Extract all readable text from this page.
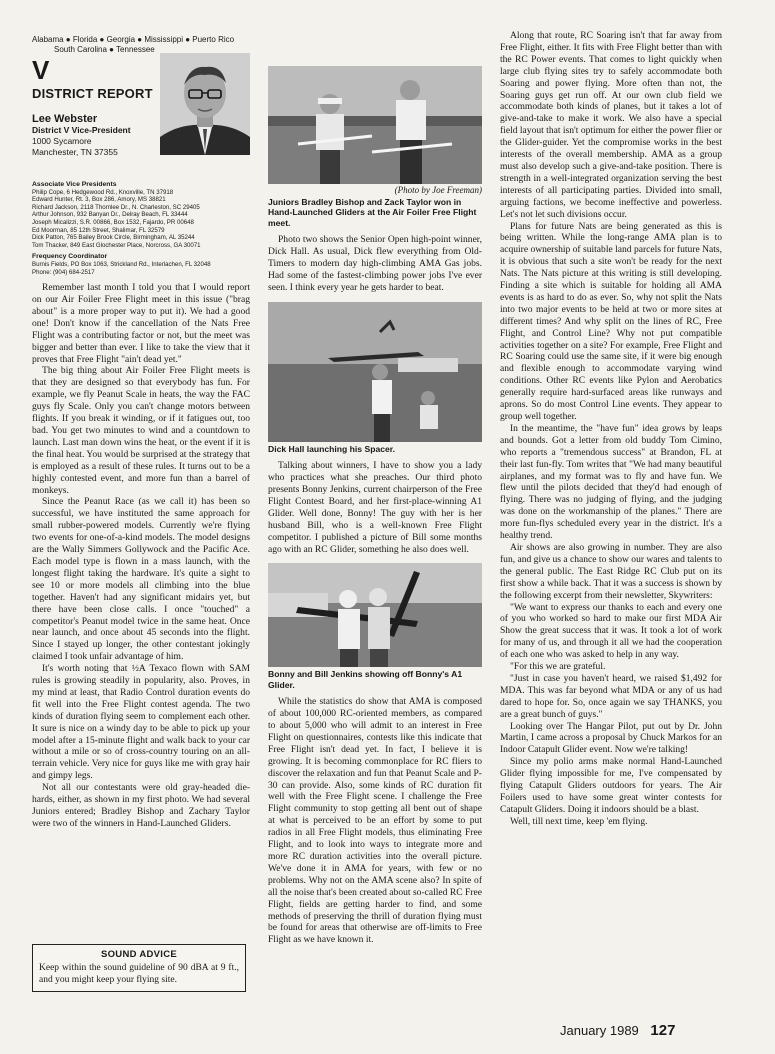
Alabama ● Florida ● Georgia ● Mississippi ● Puerto Rico
South Carolina ● Tennessee
V
DISTRICT REPORT
Lee Webster
District V Vice-President
1000 Sycamore
Manchester, TN 37355
Associate Vice Presidents
Philip Cope, 6 Hedgewood Rd., Knoxville, TN 37918
Edward Hunter, Rt. 3, Box 286, Amory, MS 38821
Richard Jackson, 2118 Thornlee Dr., N. Charleston, SC 29405
Arthur Johnson, 932 Banyan Dr., Delray Beach, FL 33444
Joseph Micalizzi, S.R. 00866, Box 1532, Fajardo, PR 00648
Ed Moorman, 85 12th Street, Shalimar, FL 32579
Dick Patton, 765 Bailey Brook Circle, Birmingham, AL 35244
Tom Thacker, 849 East Glochester Place, Norcross, GA 30071
Frequency Coordinator
Burnis Fields, PO Box 1063, Strickland Rd., Interlachen, FL 32048
Phone: (904) 684-2517

Remember last month I told you that I would report on our Air Foiler Free Flight meet in this issue ("brag about" is a more proper way to put it). We had a good one! Don't know if the cancellation of the Nats Free Flight was a contributing factor or not, but the meet was bigger and better than ever. I like to take the view that it proves that Free Flight "ain't dead yet."

The big thing about Air Foiler Free Flight meets is that they are designed so that everybody has fun. For example, we fly Peanut Scale in heats, the way the FAC guys fly Scale. Only you can't change motors between flights. If you break it winding, or if it fatigues out, too bad. You get two minutes to wind and a countdown to launch. Last man down wins the heat, or the event if it is the final heat. You would be surprised at the strategy that is employed as a result of these rules. It turns out to be a highly contested event, and more fun than a barrel of monkeys.

Since the Peanut Race (as we call it) has been so successful, we have instituted the same approach for small rubber-powered models. Currently we're flying two events for one-of-a-kind models. The model designs are the Wally Simmers Gollywock and the Pacific Ace. Each model type is flown in a mass launch, with the longest flight taking the hardware. It's quite a sight to see 10 or more models all climbing into the blue together. Haven't had any significant midairs yet, but there have been close calls. I once "touched" a competitor's Peanut model twice in the same heat. Once near launch, and once about 45 seconds into the flight. Since I stayed up longer, the other contestant jokingly claimed I took unfair advantage of him.

It's worth noting that ½A Texaco flown with SAM rules is growing steadily in popularity, also. Proves, in my mind at least, that Radio Control duration events do fit well into the Free Flight contest agenda. The two kinds of duration flying seem to complement each other. It sure is nice on a windy day to be able to pick up your model after a 15-minute flight and walk back to your car without a mile or so of cross-country touring on an all-terrain vehicle. Very nice for guys like me with gray hair and gimpy legs.

Not all our contestants were old gray-headed die-hards, either, as shown in my first photo. We had several Juniors entered; Bradley Bishop and Zachary Taylor were two of the winners in Hand-Launched Gliders.

SOUND ADVICE
Keep within the sound guideline of 90 dBA at 9 ft., and you might keep your flying site.
(Photo by Joe Freeman)
Juniors Bradley Bishop and Zack Taylor won in Hand-Launched Gliders at the Air Foiler Free Flight meet.

Photo two shows the Senior Open high-point winner, Dick Hall. As usual, Dick flew everything from Old-Timers to modern day high-climbing AMA Gas jobs. Had some of the fastest-climbing power jobs I've ever seen. I think every year he gets harder to beat.

Dick Hall launching his Spacer.

Talking about winners, I have to show you a lady who practices what she preaches. Our third photo presents Bonny Jenkins, current chairperson of the Free Flight Contest Board, and her first-place-winning A1 Glider. Well done, Bonny! The guy with her is her husband Bill, who is a well-known Free Flight competitor. I published a picture of Bill some months ago with an RC Glider, something he also does well.

Bonny and Bill Jenkins showing off Bonny's A1 Glider.

While the statistics do show that AMA is composed of about 100,000 RC-oriented members, as compared to about 5,000 who will admit to an interest in Free Flight on questionnaires, contests like this indicate that Free Flight isn't dead yet. In fact, I believe it is growing. It is becoming commonplace for RC fliers to discover the relaxation and fun that Peanut Scale and P-30 can provide. Also, some kinds of RC duration fit well with the Free Flight scene. I challenge the Free Flight community to stop getting all bent out of shape at what is perceived to be an effort by some to put radios in all Free Flight models, thus eliminating Free Flight, and to look into ways to integrate more and more RC duration activities into the overall picture. We've done it in AMA for years, with few or no problems. Why not on the AMA scene also? In spite of all the noise that's been created about so-called RC Free Flight, fields are getting harder to find, and some methods of preserving the thrill of duration flying must be found for areas that otherwise are off-limits to Free Flight as we have known it.

Along that route, RC Soaring isn't that far away from Free Flight, either. It fits with Free Flight better than with the RC Power events. That comes to light quickly when large club flying sites try to safely accommodate both Soaring and power flying. More often than not, the Soaring guys get run off. At our own club field we accommodate both kinds of planes, but it takes a lot of give-and-take to make it work. We also have a special field layout that isn't optimum for either the power flier or the Glider-guider. Yet the compromise works in the best interests of the overall membership. AMA as a group must also develop such a give-and-take position. There is strength in a well-integrated organization serving the best interests of all participating parties. Divided into small, arguing factions, we become ineffective and powerless. Let's not let such divisions occur.

Plans for future Nats are being generated as this is being written. While the long-range AMA plan is to acquire ownership of suitable land parcels for future Nats, it is obvious that such a site won't be ready for the next Nats. The Nats picture at this writing is still developing. Finding a site which is suitable for holding all AMA events is as hard to do as ever. So, why not split the Nats into two major events to be held at two or more sites at different times? And why split on the lines of RC, Free Flight, and Control Line? Why not put compatible activities together on a site? For example, Free Flight and RC Soaring could use the same site, if it were big enough and flexible enough to accommodate varying wind conditions. Other RC events like Pylon and Aerobatics generally require hard-surfaced areas like runways and aprons. So do most Control Line events. They appear to group well together.

In the meantime, the "have fun" idea grows by leaps and bounds. Got a letter from old buddy Tom Cimino, who reports a "tremendous success" at Brandon, FL at their last fun-fly. Tom writes that "We had many beautiful airplanes, and my format was to fly and have fun. We flew until the pilots decided that they'd had enough of flying. There was no judging of flying, and the judging was done on the workmanship of the planes." There are more fun-flys scheduled every year in the district. It's a healthy trend.

Air shows are also growing in number. They are also fun, and give us a chance to show our wares and talents to the general public. The East Ridge RC Club put on its first show a while back. That it was a success is shown by the following excerpt from their newsletter, Skywriters:

"We want to express our thanks to each and every one of you who worked so hard to make our first MDA Air Show the great success that it was. It took a lot of work for many of us, and through it all we had the cooperation of each one who was asked to help in any way.

"For this we are grateful.

"Just in case you haven't heard, we raised $1,492 for MDA. This was far beyond what MDA or any of us had dared to hope for. So, once again we say THANKS, you are a great bunch of guys."

Looking over The Hangar Pilot, put out by Dr. John Martin, I came across a proposal by Chuck Markos for an Indoor Catapult Glider event. Now we're talking!

Since my polio arms make normal Hand-Launched Glider flying impossible for me, I've compensated by flying Catapult Gliders outdoors for years. The Air Foilers used to have some great winter contests for Catapult Gliders. Doing it indoors should be a blast.

Well, till next time, keep 'em flying.

January 1989 127
